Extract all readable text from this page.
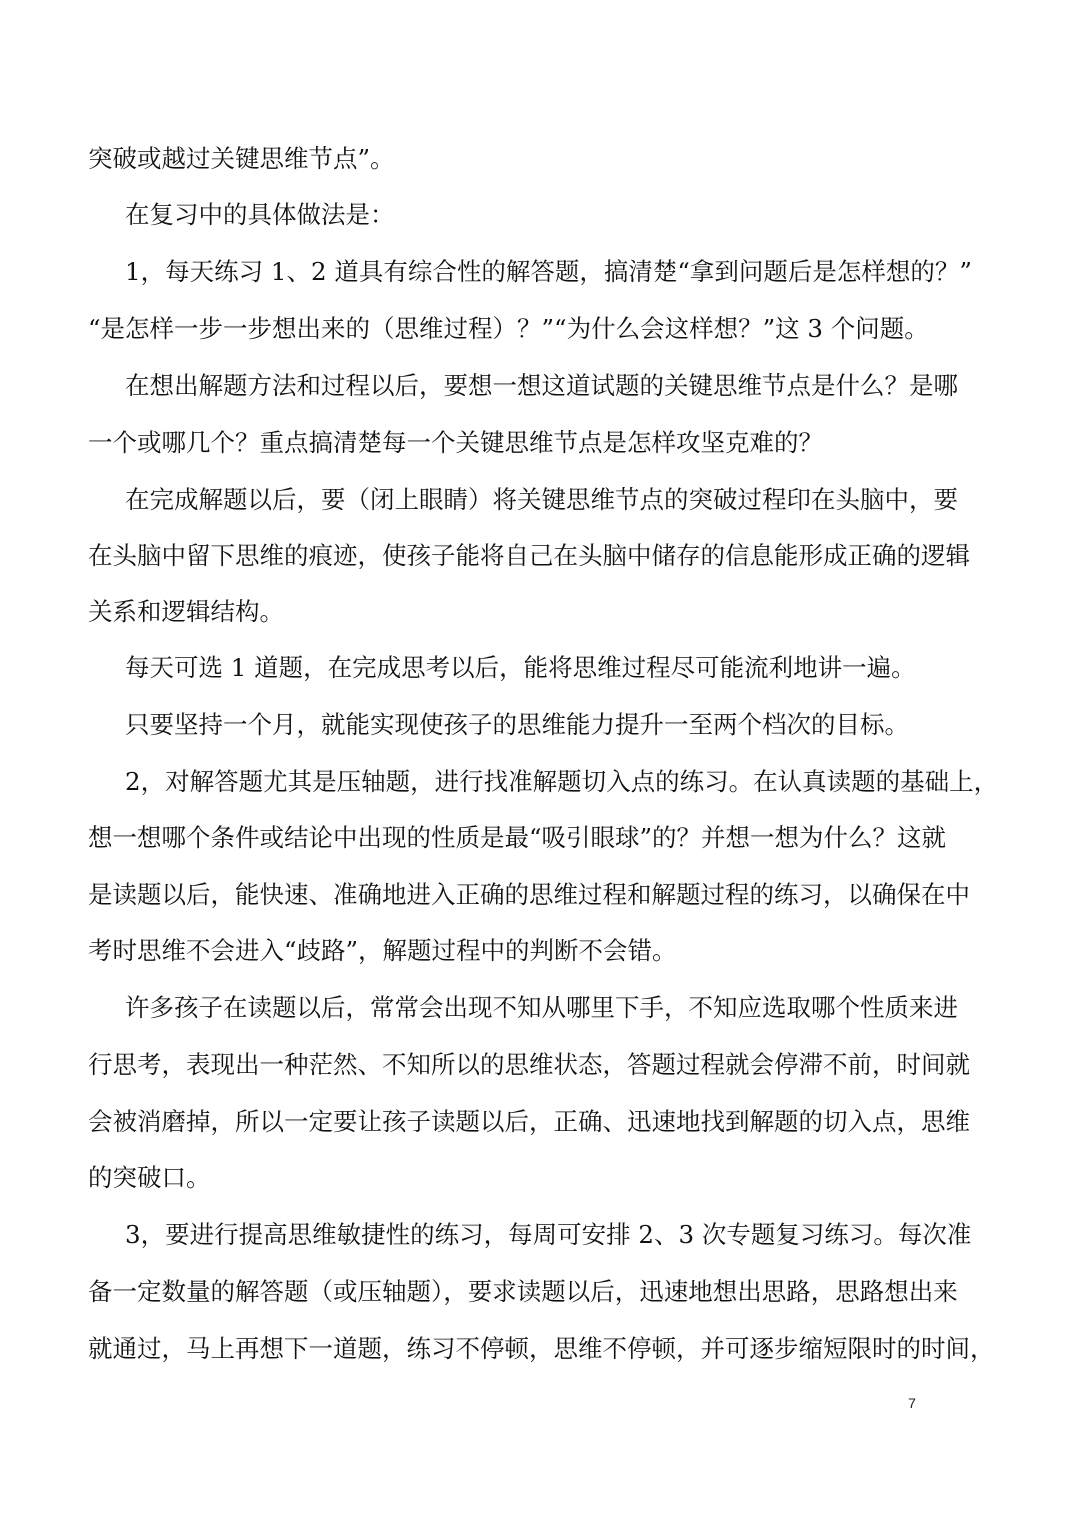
突破或越过关键思维节点”。
在复习中的具体做法是：
1，每天练习 1、2 道具有综合性的解答题，搞清楚“拿到问题后是怎样想的？”
“是怎样一步一步想出来的（思维过程）？”“为什么会这样想？”这 3 个问题。
在想出解题方法和过程以后，要想一想这道试题的关键思维节点是什么？是哪
一个或哪几个？重点搞清楚每一个关键思维节点是怎样攻坚克难的？
在完成解题以后，要（闭上眼睛）将关键思维节点的突破过程印在头脑中，要
在头脑中留下思维的痕迹，使孩子能将自己在头脑中储存的信息能形成正确的逻辑
关系和逻辑结构。
每天可选 1 道题，在完成思考以后，能将思维过程尽可能流利地讲一遍。
只要坚持一个月，就能实现使孩子的思维能力提升一至两个档次的目标。
2，对解答题尤其是压轴题，进行找准解题切入点的练习。在认真读题的基础上，
想一想哪个条件或结论中出现的性质是最“吸引眼球”的？并想一想为什么？这就
是读题以后，能快速、准确地进入正确的思维过程和解题过程的练习，以确保在中
考时思维不会进入“歧路”，解题过程中的判断不会错。
许多孩子在读题以后，常常会出现不知从哪里下手，不知应选取哪个性质来进
行思考，表现出一种茫然、不知所以的思维状态，答题过程就会停滞不前，时间就
会被消磨掉，所以一定要让孩子读题以后，正确、迅速地找到解题的切入点，思维
的突破口。
3，要进行提高思维敏捷性的练习，每周可安排 2、3 次专题复习练习。每次准
备一定数量的解答题（或压轴题），要求读题以后，迅速地想出思路，思路想出来
就通过，马上再想下一道题，练习不停顿，思维不停顿，并可逐步缩短限时的时间，
7
